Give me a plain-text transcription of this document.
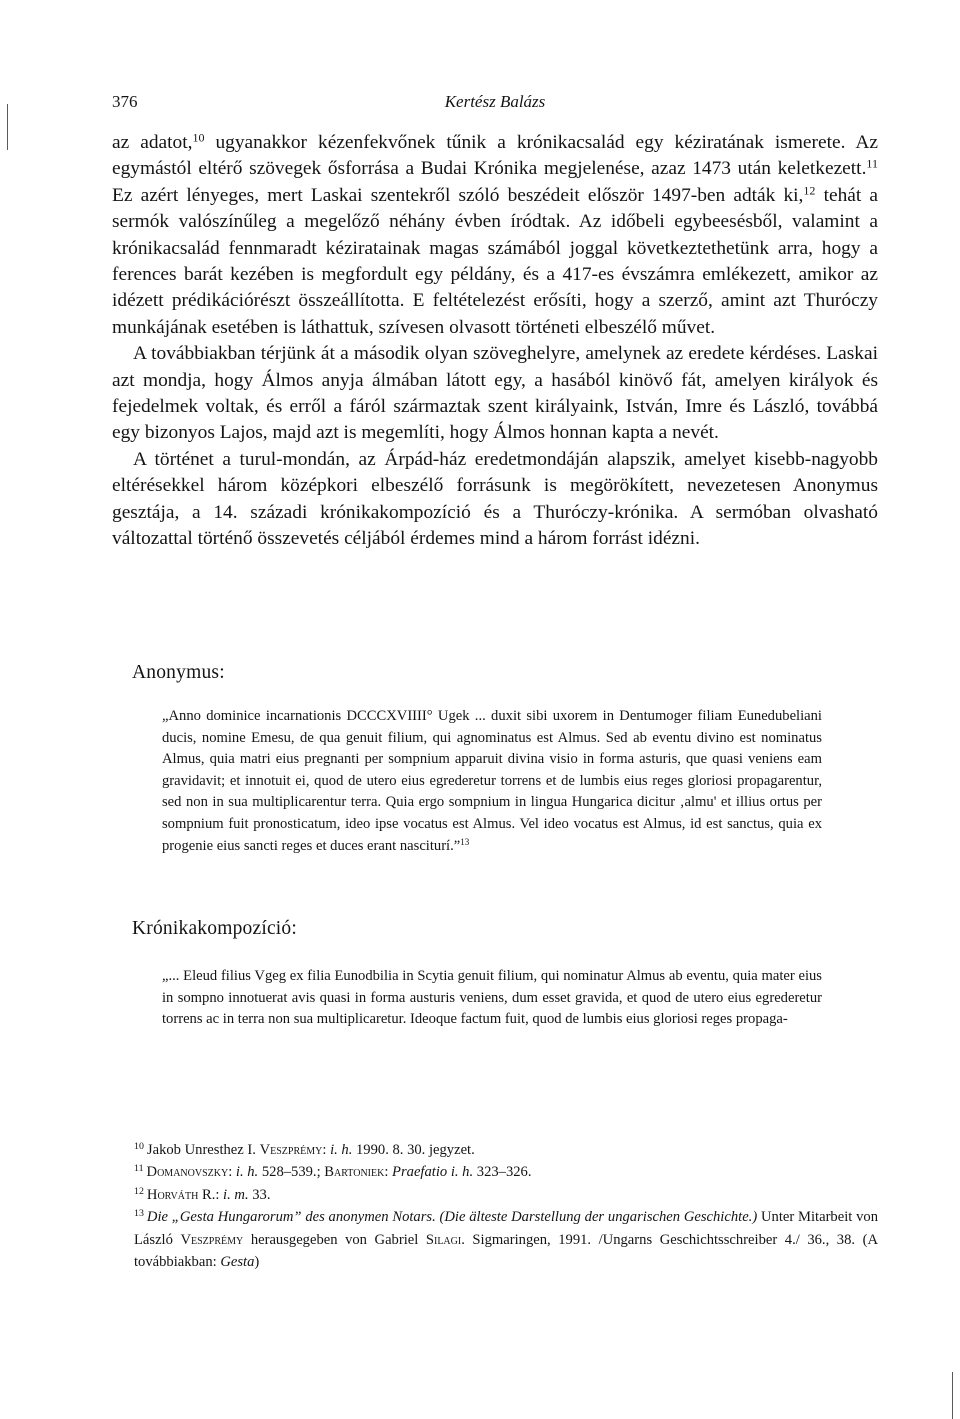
376	Kertész Balázs

az adatot,$^{10}$ ugyanakkor kézenfekvőnek tűnik a krónikacsalád egy kéziratának ismerete. Az egymástól eltérő szövegek ősforrása a Budai Krónika megjelenése, azaz 1473 után keletkezett.$^{11}$ Ez azért lényeges, mert Laskai szentekről szóló beszédeit először 1497-ben adták ki,$^{12}$ tehát a sermók valószínűleg a megelőző néhány évben íródtak. Az időbeli egybeesésből, valamint a krónikacsalád fennmaradt kéziratainak magas számából joggal következtethetünk arra, hogy a ferences barát kezében is megfordult egy példány, és a 417-es évszámra emlékezett, amikor az idézett prédikációrészt összeállította. E feltételezést erősíti, hogy a szerző, amint azt Thuróczy munkájának esetében is láthattuk, szívesen olvasott történeti elbeszélő művet.

A továbbiakban térjünk át a második olyan szöveghelyre, amelynek az eredete kérdéses. Laskai azt mondja, hogy Álmos anyja álmában látott egy, a hasából kinövő fát, amelyen királyok és fejedelmek voltak, és erről a fáról származtak szent királyaink, István, Imre és László, továbbá egy bizonyos Lajos, majd azt is megemlíti, hogy Álmos honnan kapta a nevét.

A történet a turul-mondán, az Árpád-ház eredetmondáján alapszik, amelyet kisebb-nagyobb eltérésekkel három középkori elbeszélő forrásunk is megörökített, nevezetesen Anonymus gesztája, a 14. századi krónikakompozíció és a Thuróczy-krónika. A sermóban olvasható változattal történő összevetés céljából érdemes mind a három forrást idézni.

Anonymus:

„Anno dominice incarnationis DCCCXVIIII° Ugek ... duxit sibi uxorem in Dentumoger filiam Eunedubeliani ducis, nomine Emesu, de qua genuit filium, qui agnominatus est Almus. Sed ab eventu divino est nominatus Almus, quia matri eius pregnanti per sompnium apparuit divina visio in forma asturis, que quasi veniens eam gravidavit; et innotuit ei, quod de utero eius egrederetur torrens et de lumbis eius reges gloriosi propagarentur, sed non in sua multiplicarentur terra. Quia ergo sompnium in lingua Hungarica dicitur ‚almu' et illius ortus per sompnium fuit pronosticatum, ideo ipse vocatus est Almus. Vel ideo vocatus est Almus, id est sanctus, quia ex progenie eius sancti reges et duces erant nasciturí.”$^{13}$

Krónikakompozíció:

„... Eleud filius Vgeg ex filia Eunodbilia in Scytia genuit filium, qui nominatur Almus ab eventu, quia mater eius in sompno innotuerat avis quasi in forma austuris veniens, dum esset gravida, et quod de utero eius egrederetur torrens ac in terra non sua multiplicaretur. Ideoque factum fuit, quod de lumbis eius gloriosi reges propaga-

$^{10}$ Jakob Unresthez I. Veszprémy: i. h. 1990. 8. 30. jegyzet.

$^{11}$ Domanovszky: i. h. 528–539.; Bartoniek: Praefatio i. h. 323–326.

$^{12}$ Horváth R.: i. m. 33.

$^{13}$ Die „Gesta Hungarorum” des anonymen Notars. (Die älteste Darstellung der ungarischen Geschichte.) Unter Mitarbeit von László Veszprémy herausgegeben von Gabriel Silagi. Sigmaringen, 1991. /Ungarns Geschichtsschreiber 4./ 36., 38. (A továbbiakban: Gesta)
